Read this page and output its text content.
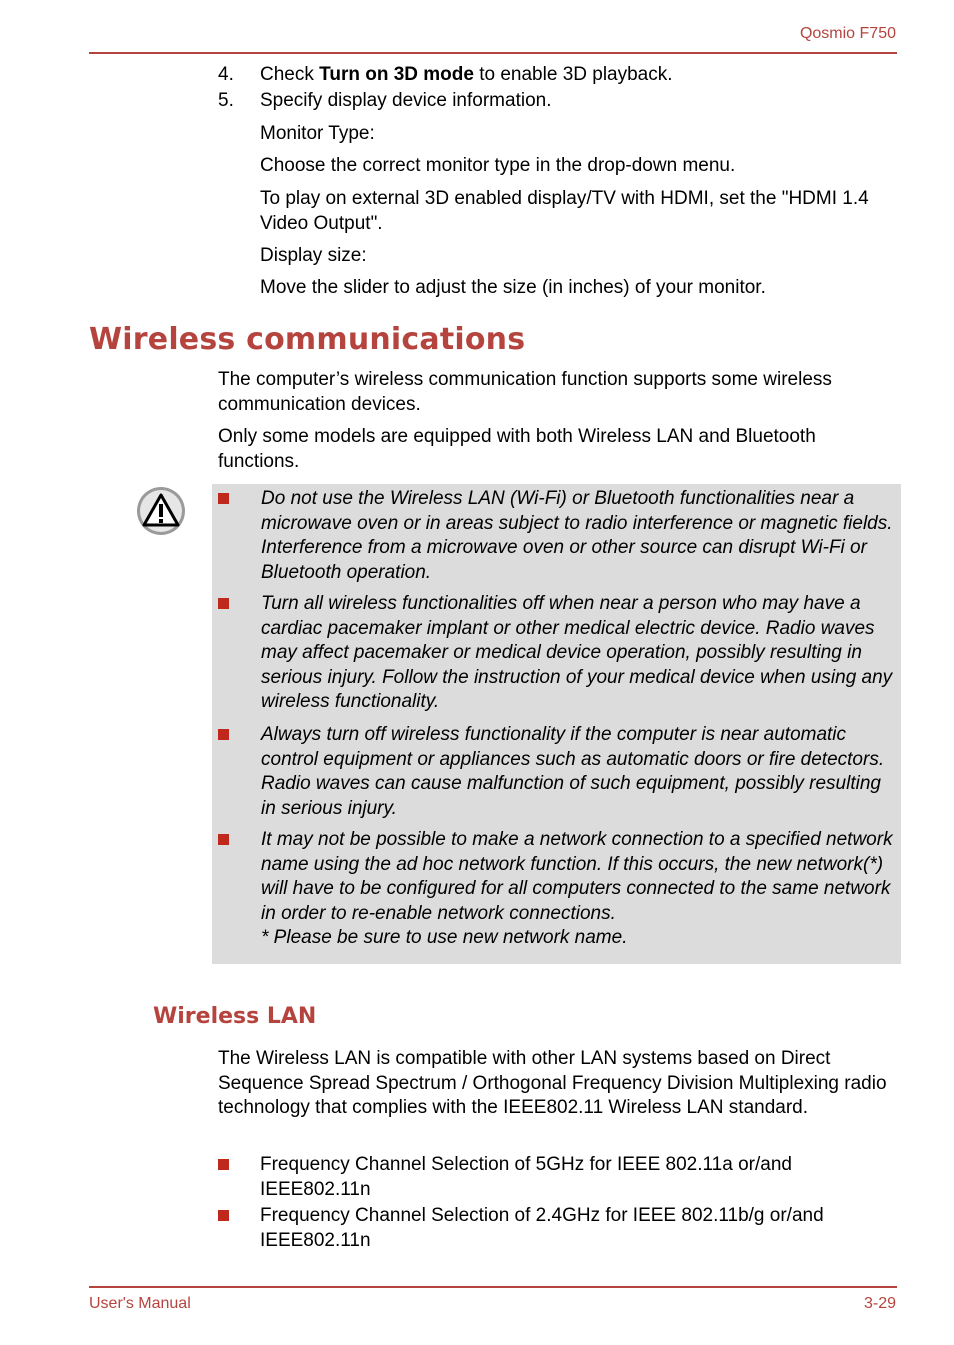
Qosmio F750
4. Check Turn on 3D mode to enable 3D playback.
5. Specify display device information.
Monitor Type:
Choose the correct monitor type in the drop-down menu.
To play on external 3D enabled display/TV with HDMI, set the "HDMI 1.4 Video Output".
Display size:
Move the slider to adjust the size (in inches) of your monitor.
Wireless communications
The computer’s wireless communication function supports some wireless communication devices.
Only some models are equipped with both Wireless LAN and Bluetooth functions.
Do not use the Wireless LAN (Wi-Fi) or Bluetooth functionalities near a microwave oven or in areas subject to radio interference or magnetic fields. Interference from a microwave oven or other source can disrupt Wi-Fi or Bluetooth operation.
Turn all wireless functionalities off when near a person who may have a cardiac pacemaker implant or other medical electric device. Radio waves may affect pacemaker or medical device operation, possibly resulting in serious injury. Follow the instruction of your medical device when using any wireless functionality.
Always turn off wireless functionality if the computer is near automatic control equipment or appliances such as automatic doors or fire detectors. Radio waves can cause malfunction of such equipment, possibly resulting in serious injury.
It may not be possible to make a network connection to a specified network name using the ad hoc network function. If this occurs, the new network(*) will have to be configured for all computers connected to the same network in order to re-enable network connections.
* Please be sure to use new network name.
Wireless LAN
The Wireless LAN is compatible with other LAN systems based on Direct Sequence Spread Spectrum / Orthogonal Frequency Division Multiplexing radio technology that complies with the IEEE802.11 Wireless LAN standard.
Frequency Channel Selection of 5GHz for IEEE 802.11a or/and IEEE802.11n
Frequency Channel Selection of 2.4GHz for IEEE 802.11b/g or/and IEEE802.11n
User's Manual	3-29
